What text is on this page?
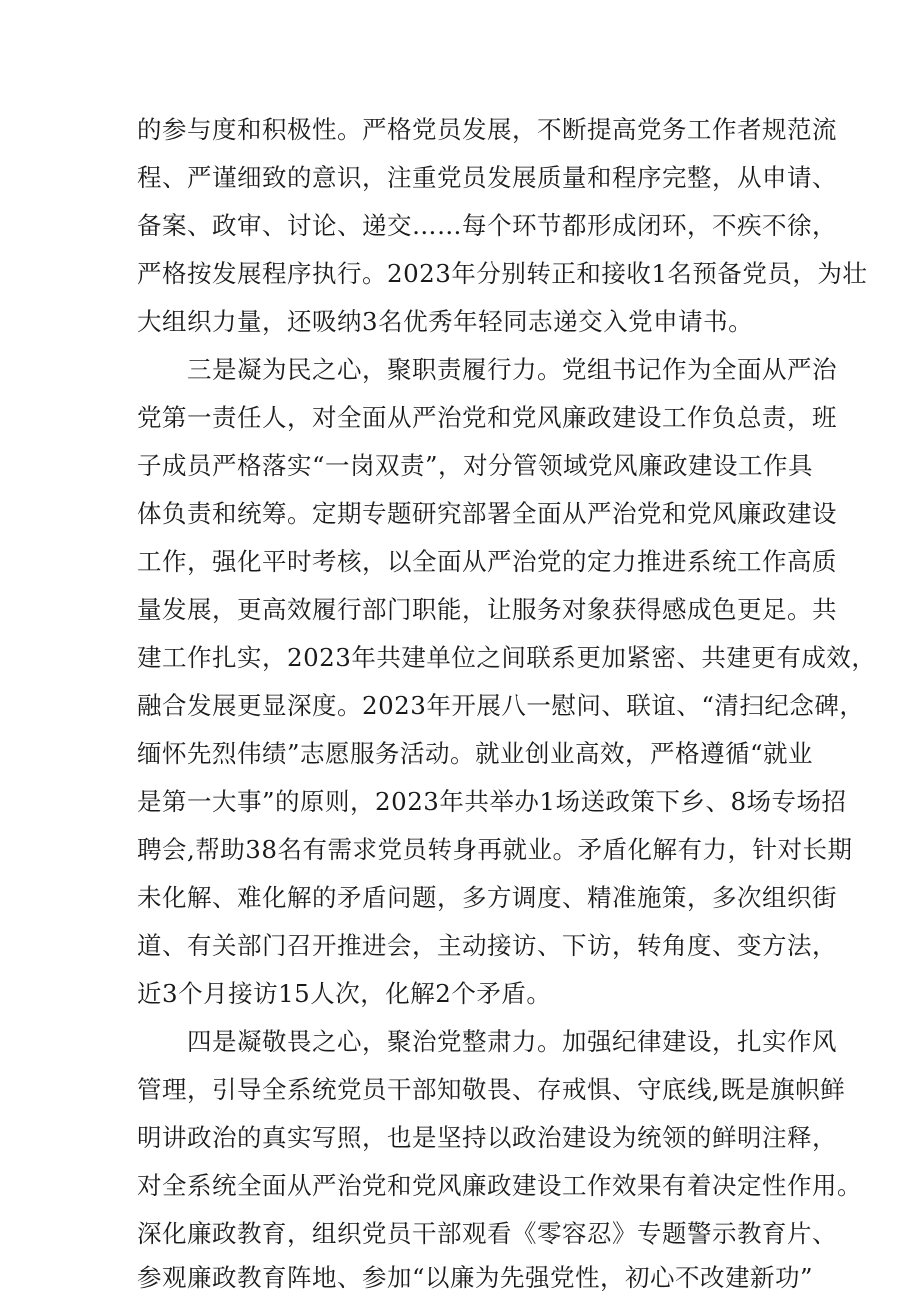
的参与度和积极性。严格党员发展，不断提高党务工作者规范流
程、严谨细致的意识，注重党员发展质量和程序完整，从申请、
备案、政审、讨论、递交……每个环节都形成闭环，不疾不徐，
严格按发展程序执行。2023年分别转正和接收1名预备党员，为壮
大组织力量，还吸纳3名优秀年轻同志递交入党申请书。
三是凝为民之心，聚职责履行力。党组书记作为全面从严治
党第一责任人，对全面从严治党和党风廉政建设工作负总责，班
子成员严格落实“一岗双责”，对分管领域党风廉政建设工作具
体负责和统筹。定期专题研究部署全面从严治党和党风廉政建设
工作，强化平时考核，以全面从严治党的定力推进系统工作高质
量发展，更高效履行部门职能，让服务对象获得感成色更足。共
建工作扎实，2023年共建单位之间联系更加紧密、共建更有成效，
融合发展更显深度。2023年开展八一慰问、联谊、“清扫纪念碑，
缅怀先烈伟绩”志愿服务活动。就业创业高效，严格遵循“就业
是第一大事”的原则，2023年共举办1场送政策下乡、8场专场招
聘会,帮助38名有需求党员转身再就业。矛盾化解有力，针对长期
未化解、难化解的矛盾问题，多方调度、精准施策，多次组织街
道、有关部门召开推进会，主动接访、下访，转角度、变方法，
近3个月接访15人次，化解2个矛盾。
四是凝敬畏之心，聚治党整肃力。加强纪律建设，扎实作风
管理，引导全系统党员干部知敬畏、存戒惧、守底线,既是旗帜鲜
明讲政治的真实写照，也是坚持以政治建设为统领的鲜明注释，
对全系统全面从严治党和党风廉政建设工作效果有着决定性作用。
深化廉政教育，组织党员干部观看《零容忍》专题警示教育片、
参观廉政教育阵地、参加“以廉为先强党性，初心不改建新功”
